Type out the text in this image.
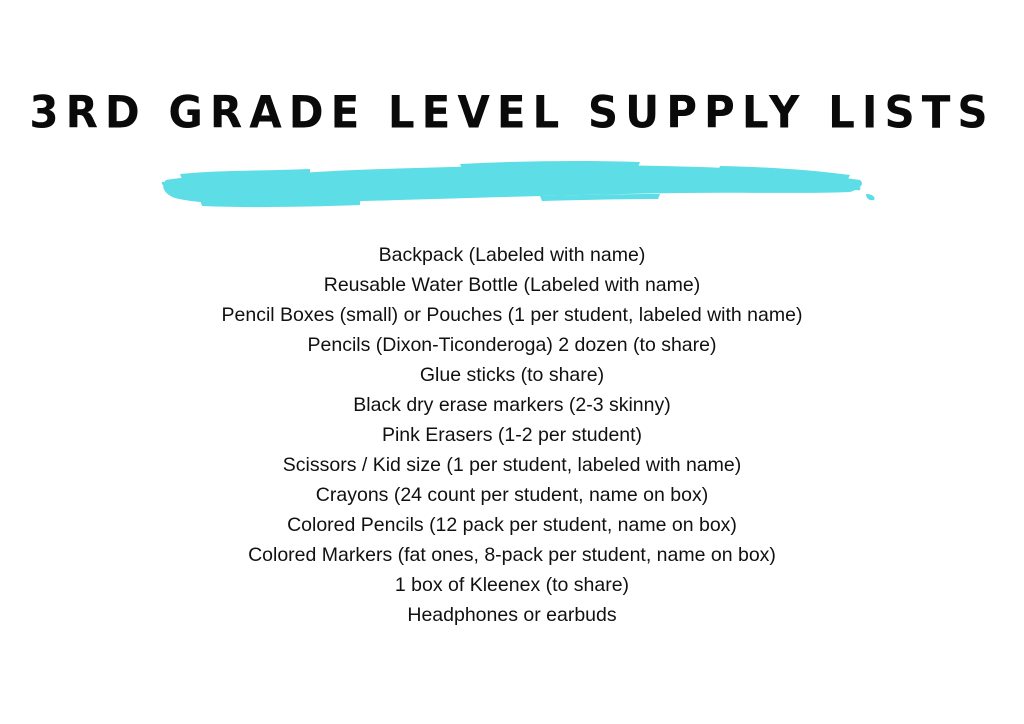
3RD GRADE LEVEL SUPPLY LISTS
Backpack (Labeled with name)
Reusable Water Bottle (Labeled with name)
Pencil Boxes (small) or Pouches (1 per student, labeled with name)
Pencils (Dixon-Ticonderoga) 2 dozen (to share)
Glue sticks (to share)
Black dry erase markers (2-3 skinny)
Pink Erasers (1-2 per student)
Scissors / Kid size (1 per student, labeled with name)
Crayons (24 count per student, name on box)
Colored Pencils (12 pack per student, name on box)
Colored Markers (fat ones, 8-pack per student, name on box)
1 box of Kleenex (to share)
Headphones or earbuds
